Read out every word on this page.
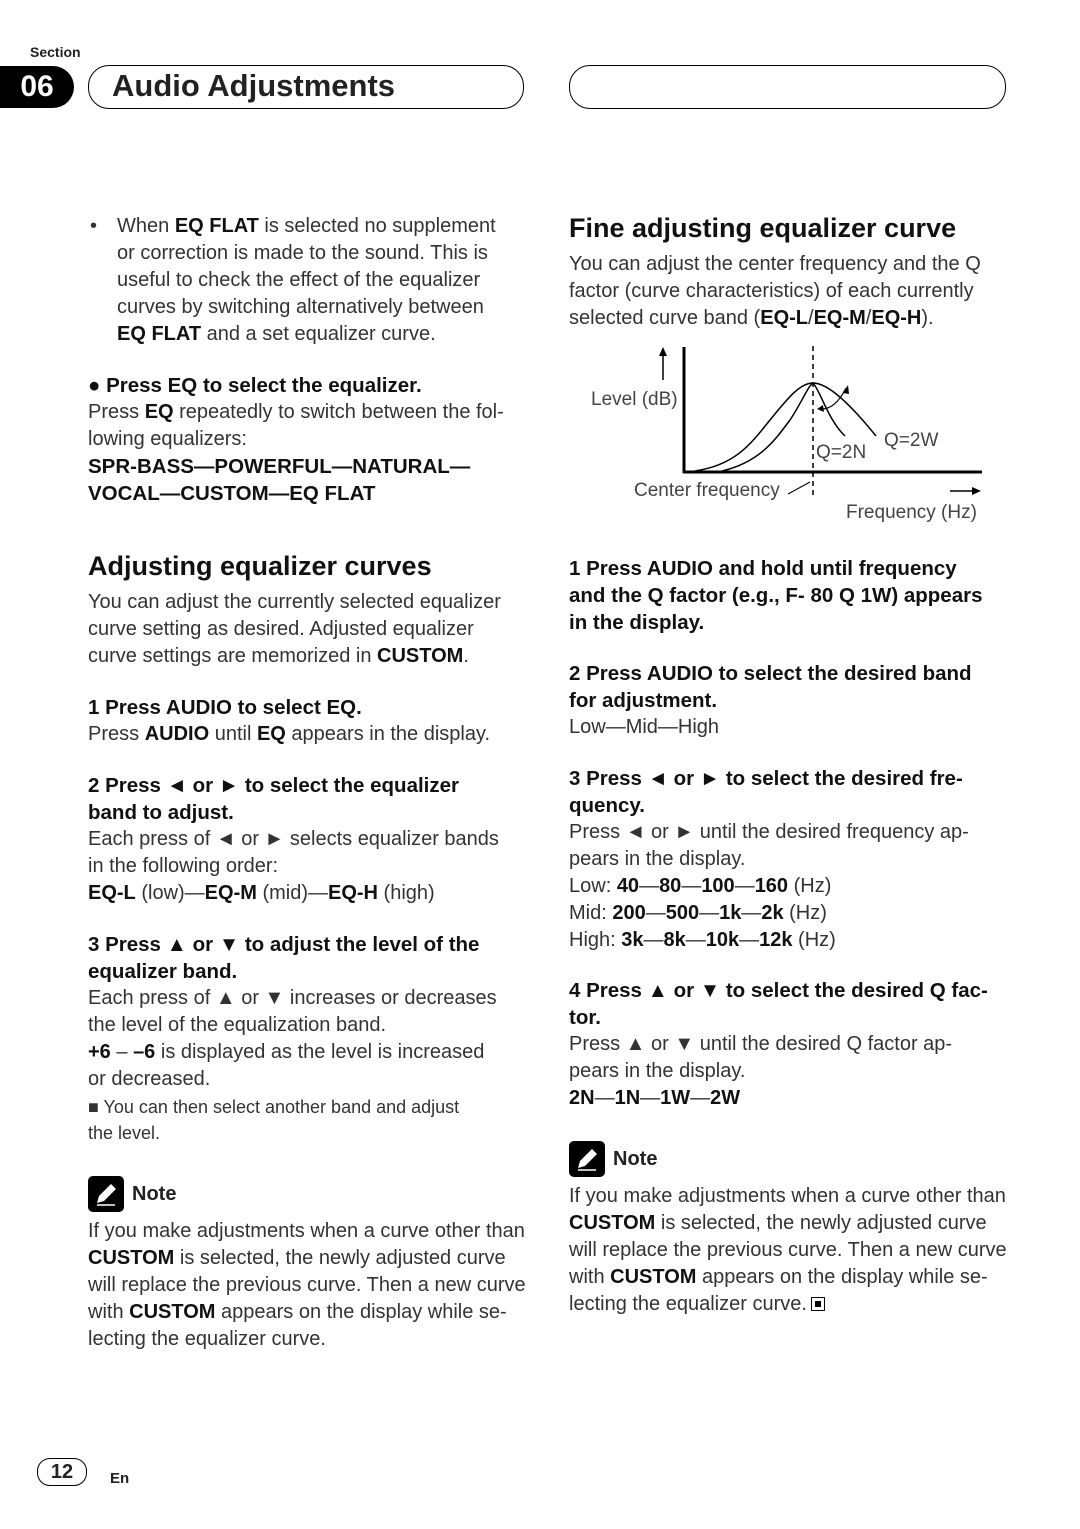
Section
06	Audio Adjustments
• When EQ FLAT is selected no supplement
or correction is made to the sound. This is
useful to check the effect of the equalizer
curves by switching alternatively between
EQ FLAT and a set equalizer curve.
● Press EQ to select the equalizer.
Press EQ repeatedly to switch between the fol-
lowing equalizers:
SPR-BASS—POWERFUL—NATURAL—
VOCAL—CUSTOM—EQ FLAT
Adjusting equalizer curves
You can adjust the currently selected equalizer
curve setting as desired. Adjusted equalizer
curve settings are memorized in CUSTOM.
1 Press AUDIO to select EQ.
Press AUDIO until EQ appears in the display.
2 Press ◄ or ► to select the equalizer
band to adjust.
Each press of ◄ or ► selects equalizer bands
in the following order:
EQ-L (low)—EQ-M (mid)—EQ-H (high)
3 Press ▲ or ▼ to adjust the level of the
equalizer band.
Each press of ▲ or ▼ increases or decreases
the level of the equalization band.
+6 – –6 is displayed as the level is increased
or decreased.
■ You can then select another band and adjust
the level.
Note
If you make adjustments when a curve other than
CUSTOM is selected, the newly adjusted curve
will replace the previous curve. Then a new curve
with CUSTOM appears on the display while se-
lecting the equalizer curve.
Fine adjusting equalizer curve
You can adjust the center frequency and the Q
factor (curve characteristics) of each currently
selected curve band (EQ-L/EQ-M/EQ-H).
Level (dB)
Center frequency
Frequency (Hz)
Q=2N
Q=2W
1 Press AUDIO and hold until frequency
and the Q factor (e.g., F- 80 Q 1W) appears
in the display.
2 Press AUDIO to select the desired band
for adjustment.
Low—Mid—High
3 Press ◄ or ► to select the desired fre-
quency.
Press ◄ or ► until the desired frequency ap-
pears in the display.
Low: 40—80—100—160 (Hz)
Mid: 200—500—1k—2k (Hz)
High: 3k—8k—10k—12k (Hz)
4 Press ▲ or ▼ to select the desired Q fac-
tor.
Press ▲ or ▼ until the desired Q factor ap-
pears in the display.
2N—1N—1W—2W
Note
If you make adjustments when a curve other than
CUSTOM is selected, the newly adjusted curve
will replace the previous curve. Then a new curve
with CUSTOM appears on the display while se-
lecting the equalizer curve.
12	En
